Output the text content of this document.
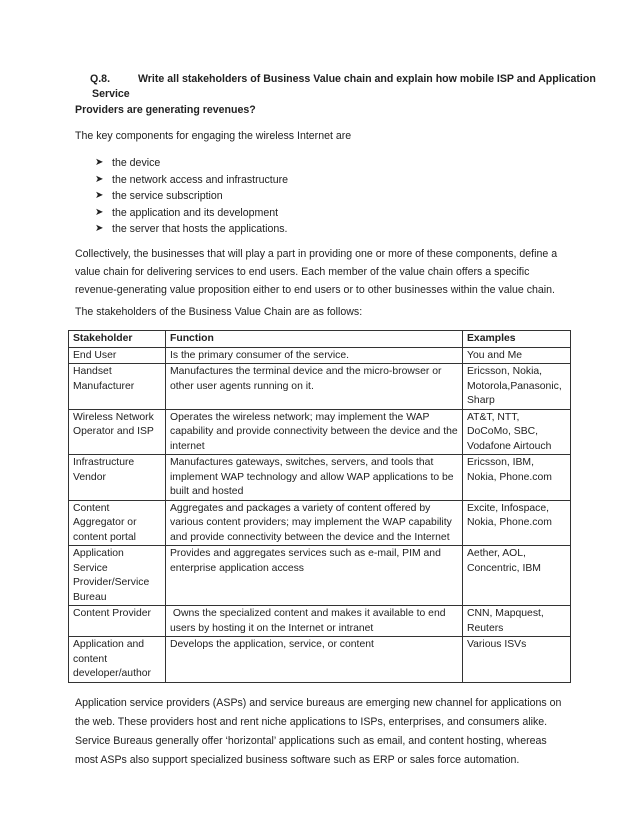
Q.8.	Write all stakeholders of Business Value chain and explain how mobile ISP and Application
Service
Providers are generating revenues?
The key components for engaging the wireless Internet are
➤ the device
➤ the network access and infrastructure
➤ the service subscription
➤ the application and its development
➤ the server that hosts the applications.
Collectively, the businesses that will play a part in providing one or more of these components, define a value chain for delivering services to end users. Each member of the value chain offers a specific revenue-generating value proposition either to end users or to other businesses within the value chain.
The stakeholders of the Business Value Chain are as follows:
Stakeholder	Function	Examples
End User	Is the primary consumer of the service.	You and Me
Handset Manufacturer	Manufactures the terminal device and the micro-browser or other user agents running on it.	Ericsson, Nokia, Motorola,Panasonic, Sharp
Wireless Network Operator and ISP	Operates the wireless network; may implement the WAP capability and provide connectivity between the device and the internet	AT&T, NTT, DoCoMo, SBC, Vodafone Airtouch
Infrastructure Vendor	Manufactures gateways, switches, servers, and tools that implement WAP technology and allow WAP applications to be built and hosted	Ericsson, IBM, Nokia, Phone.com
Content Aggregator or content portal	Aggregates and packages a variety of content offered by various content providers; may implement the WAP capability and provide connectivity between the device and the Internet	Excite, Infospace, Nokia, Phone.com
Application Service Provider/Service Bureau	Provides and aggregates services such as e-mail, PIM and enterprise application access	Aether, AOL, Concentric, IBM
Content Provider	Owns the specialized content and makes it available to end users by hosting it on the Internet or intranet	CNN, Mapquest, Reuters
Application and content developer/author	Develops the application, service, or content	Various ISVs
Application service providers (ASPs) and service bureaus are emerging new channel for applications on the web. These providers host and rent niche applications to ISPs, enterprises, and consumers alike. Service Bureaus generally offer ‘horizontal’ applications such as email, and content hosting, whereas most ASPs also support specialized business software such as ERP or sales force automation.
